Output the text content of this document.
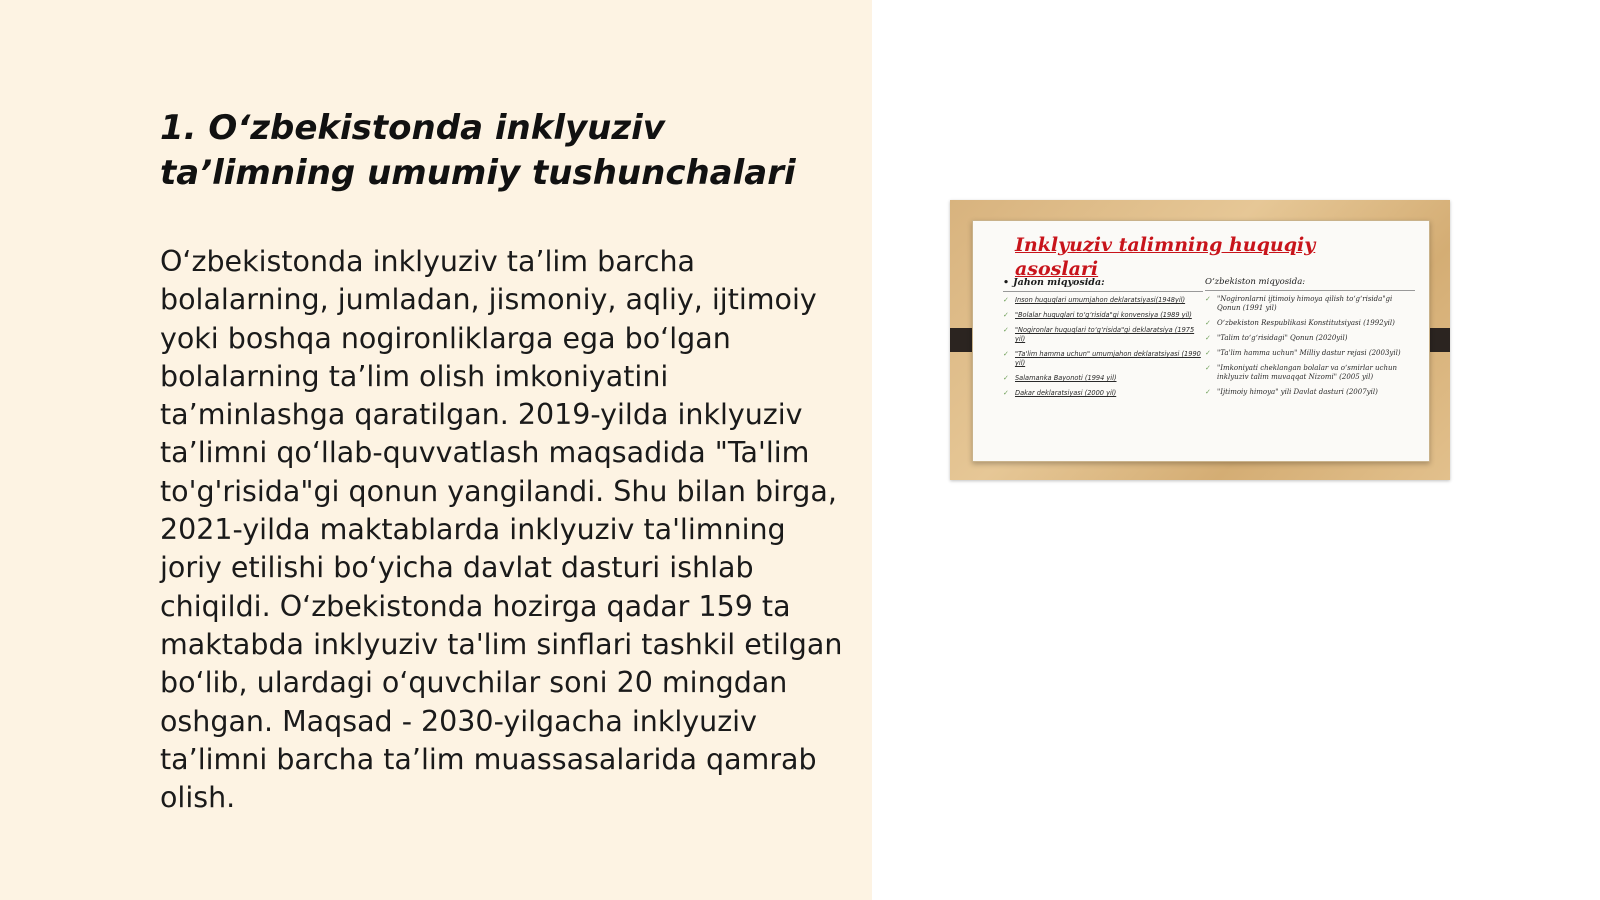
1. O‘zbekistonda inklyuziv ta’limning umumiy tushunchalari

O‘zbekistonda inklyuziv ta’lim barcha bolalarning, jumladan, jismoniy, aqliy, ijtimoiy yoki boshqa nogironliklarga ega bo‘lgan bolalarning ta’lim olish imkoniyatini ta’minlashga qaratilgan. 2019-yilda inklyuziv ta’limni qo‘llab-quvvatlash maqsadida "Ta'lim to'g'risida"gi qonun yangilandi. Shu bilan birga, 2021-yilda maktablarda inklyuziv ta'limning joriy etilishi bo‘yicha davlat dasturi ishlab chiqildi. O‘zbekistonda hozirga qadar 159 ta maktabda inklyuziv ta'lim sinflari tashkil etilgan bo‘lib, ulardagi o‘quvchilar soni 20 mingdan oshgan. Maqsad - 2030-yilgacha inklyuziv ta’limni barcha ta’lim muassasalarida qamrab olish.

Inklyuziv talimning huquqiy asoslari
• Jahon miqyosida:
✓ Inson huquqlari umumjahon deklaratsiyasi(1948yil)
✓ "Bolalar huquqlari to‘g‘risida"gi konvensiya (1989 yil)
✓ "Nogironlar huquqlari to‘g‘risida"gi deklaratsiya (1975 yil)
✓ "Ta'lim hamma uchun" umumjahon deklaratsiyasi (1990 yil)
✓ Salamanka Bayonoti (1994 yil)
✓ Dakar deklaratsiyasi (2000 yil)
O‘zbekiston miqyosida:
✓ "Nogironlarni ijtimoiy himoya qilish to‘g‘risida"gi Qonun (1991 yil)
✓ O‘zbekiston Respublikasi Konstitutsiyasi (1992yil)
✓ "Talim to‘g‘risidagi" Qonun (2020yil)
✓ "Ta'lim hamma uchun" Milliy dastur rejasi (2003yil)
✓ "Imkoniyati cheklangan bolalar va o‘smirlar uchun inklyuziv talim muvaqqat Nizomi" (2005 yil)
✓ "Ijtimoiy himoya" yili Davlat dasturi (2007yil)
